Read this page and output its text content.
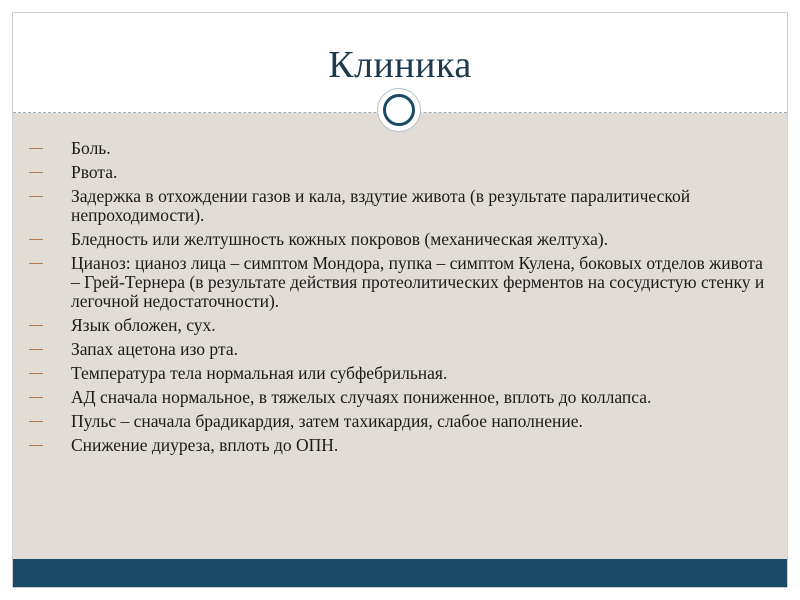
Клиника
Боль.
Рвота.
Задержка в отхождении газов и кала, вздутие живота (в результате паралитической непроходимости).
Бледность или желтушность кожных покровов (механическая желтуха).
Цианоз: цианоз лица – симптом Мондора, пупка – симптом Кулена, боковых отделов живота – Грей-Тернера (в результате действия протеолитических ферментов на сосудистую стенку и легочной недостаточности).
Язык обложен, сух.
Запах ацетона изо рта.
Температура тела нормальная или субфебрильная.
АД сначала нормальное, в тяжелых случаях пониженное, вплоть до коллапса.
Пульс – сначала брадикардия, затем тахикардия, слабое наполнение.
Снижение диуреза, вплоть до ОПН.
